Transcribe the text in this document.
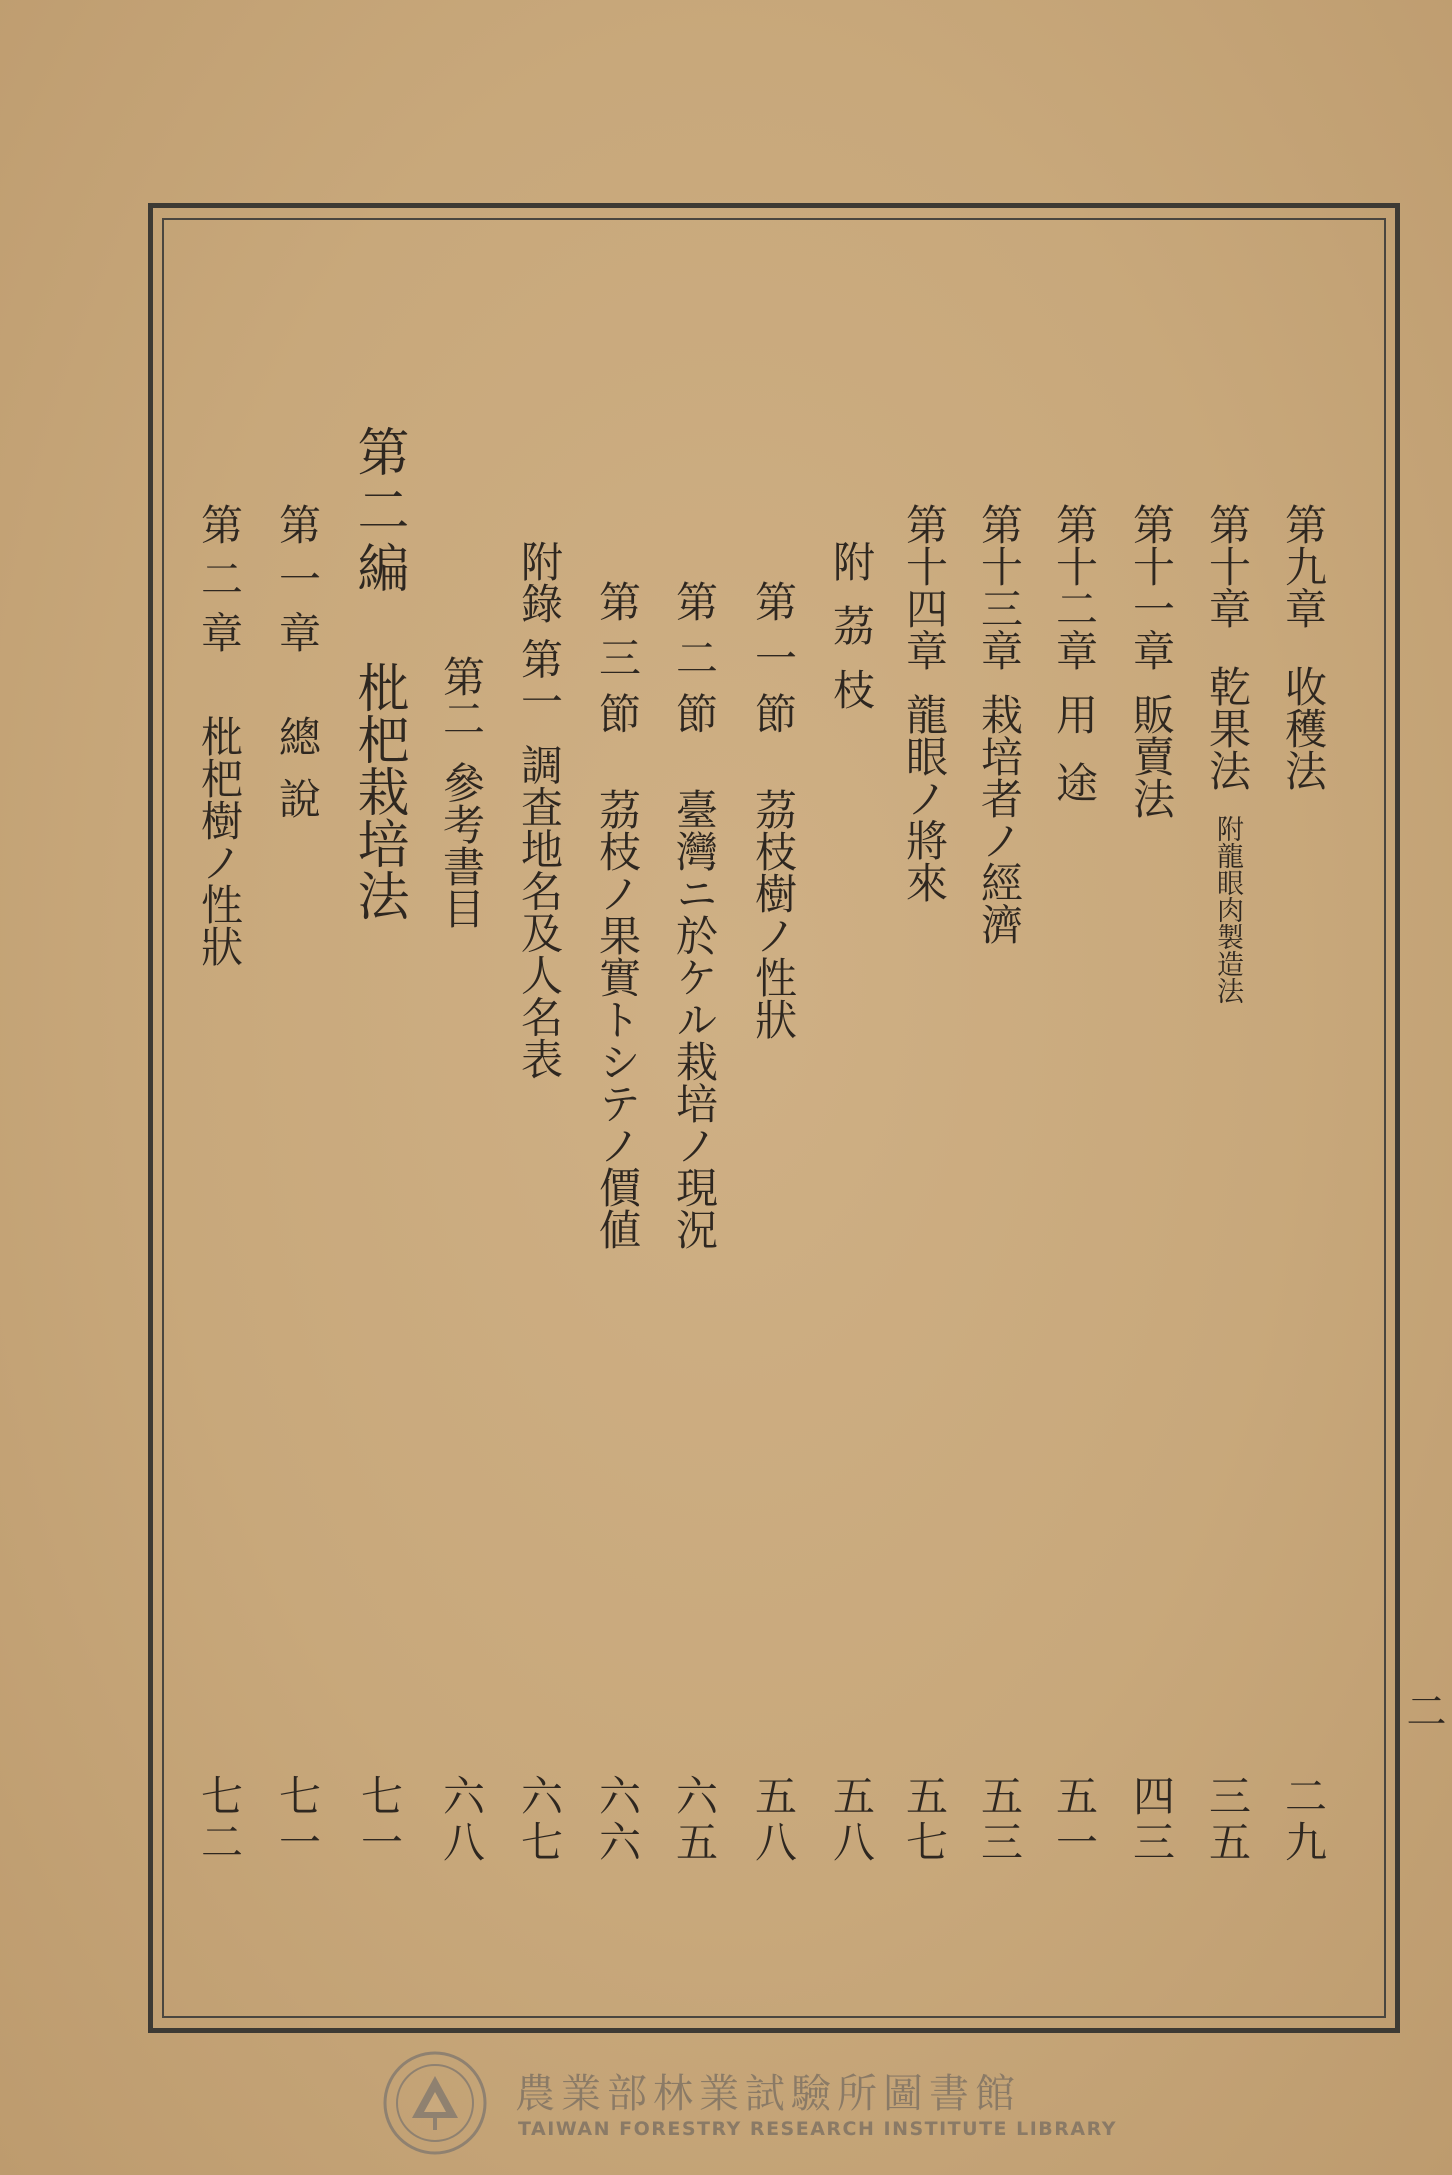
第九章收穫法
二九
第十章乾果法附龍眼肉製造法
三五
第十一章販賣法
四三
第十二章用途
五一
第十三章栽培者ノ經濟
五三
第十四章龍眼ノ將來
五七
附茘枝
五八
第一節茘枝樹ノ性狀
五八
第二節臺灣ニ於ケル栽培ノ現況
六五
第三節茘枝ノ果實トシテノ價値
六六
附錄 第一調査地名及人名表
六七
第二參考書目
六八
第二編枇杷栽培法
七一
第一章總說
七一
第二章枇杷樹ノ性狀
七二
二
農業部林業試驗所圖書館
TAIWAN FORESTRY RESEARCH INSTITUTE LIBRARY
